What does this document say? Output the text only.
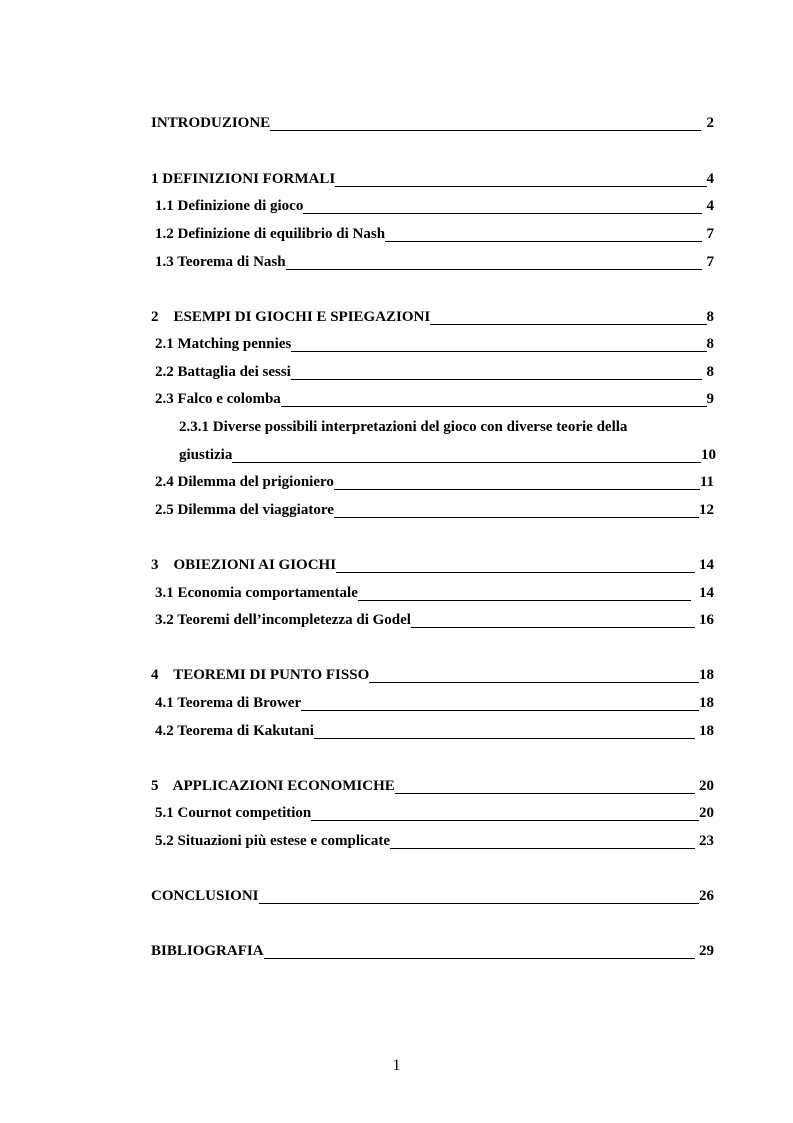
INTRODUZIONE	2
1 DEFINIZIONI FORMALI	4
1.1 Definizione di gioco	4
1.2 Definizione di equilibrio di Nash	7
1.3 Teorema di Nash	7
2    ESEMPI DI GIOCHI E SPIEGAZIONI	8
2.1 Matching pennies	8
2.2 Battaglia dei sessi	8
2.3 Falco e colomba	9
2.3.1 Diverse possibili interpretazioni del gioco con diverse teorie della
giustizia	10
2.4 Dilemma del prigioniero	11
2.5 Dilemma del viaggiatore	12
3    OBIEZIONI AI GIOCHI	14
3.1 Economia comportamentale	14
3.2 Teoremi dell’incompletezza di Godel	16
4    TEOREMI DI PUNTO FISSO	18
4.1 Teorema di Brower	18
4.2 Teorema di Kakutani	18
5    APPLICAZIONI ECONOMICHE	20
5.1 Cournot competition	20
5.2 Situazioni più estese e complicate	23
CONCLUSIONI	26
BIBLIOGRAFIA	29
1
